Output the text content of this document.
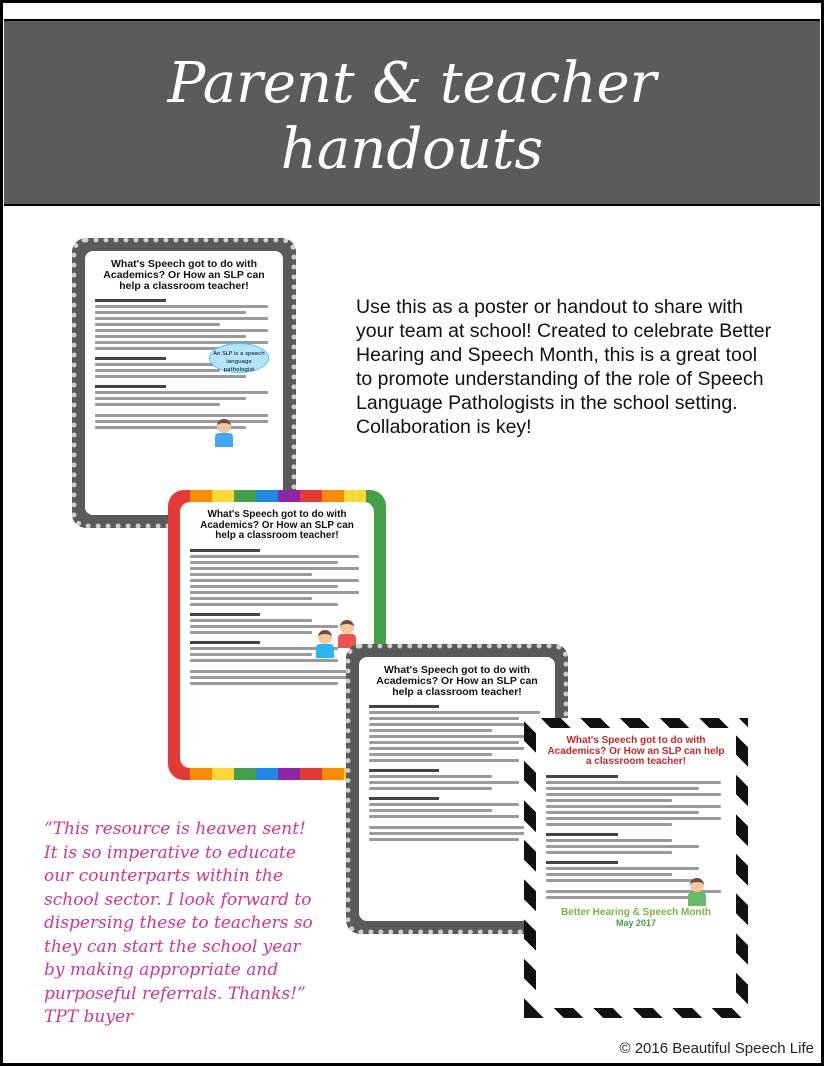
Parent & teacher
handouts
What's Speech got to do with Academics? Or How an SLP can help a classroom teacher!
An SLP is a speech language pathologist
What's Speech got to do with Academics? Or How an SLP can help a classroom teacher!
What's Speech got to do with Academics? Or How an SLP can help a classroom teacher!
What's Speech got to do with Academics? Or How an SLP can help a classroom teacher!
Better Hearing & Speech Month
May 2017
Use this as a poster or handout to share with your team at school! Created to celebrate Better Hearing and Speech Month, this is a great tool to promote understanding of the role of Speech Language Pathologists in the school setting. Collaboration is key!
“This resource is heaven sent! It is so imperative to educate our counterparts within the school sector. I look forward to dispersing these to teachers so they can start the school year by making appropriate and purposeful referrals. Thanks!” TPT buyer
© 2016 Beautiful Speech Life
